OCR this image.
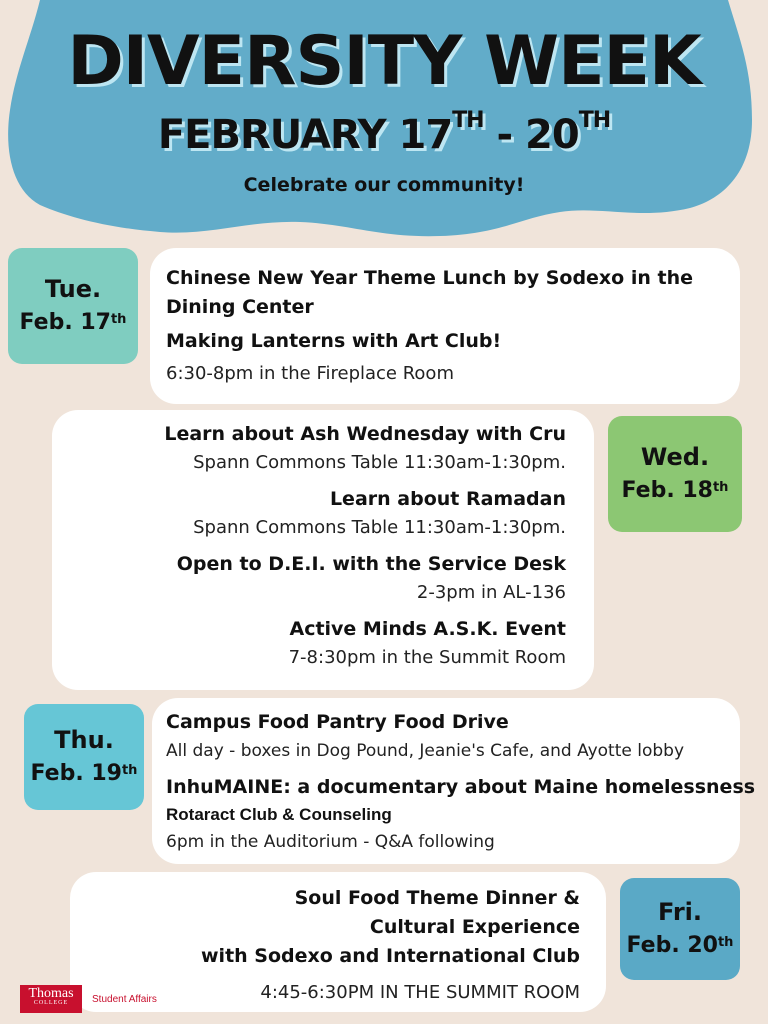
DIVERSITY WEEK
FEBRUARY 17TH - 20TH
Celebrate our community!
Tue.
Feb. 17th
Chinese New Year Theme Lunch by Sodexo in the Dining Center
Making Lanterns with Art Club!
6:30-8pm in the Fireplace Room
Learn about Ash Wednesday with Cru
Spann Commons Table 11:30am-1:30pm.
Learn about Ramadan
Spann Commons Table 11:30am-1:30pm.
Open to D.E.I. with the Service Desk
2-3pm in AL-136
Active Minds A.S.K. Event
7-8:30pm in the Summit Room
Wed.
Feb. 18th
Thu.
Feb. 19th
Campus Food Pantry Food Drive
All day - boxes in Dog Pound, Jeanie's Cafe, and Ayotte lobby
InhuMAINE: a documentary about Maine homelessness
Rotaract Club & Counseling
6pm in the Auditorium - Q&A following
Soul Food Theme Dinner &
Cultural Experience
with Sodexo and International Club
4:45-6:30PM IN THE SUMMIT ROOM
Fri.
Feb. 20th
Thomas
COLLEGE	Student Affairs
